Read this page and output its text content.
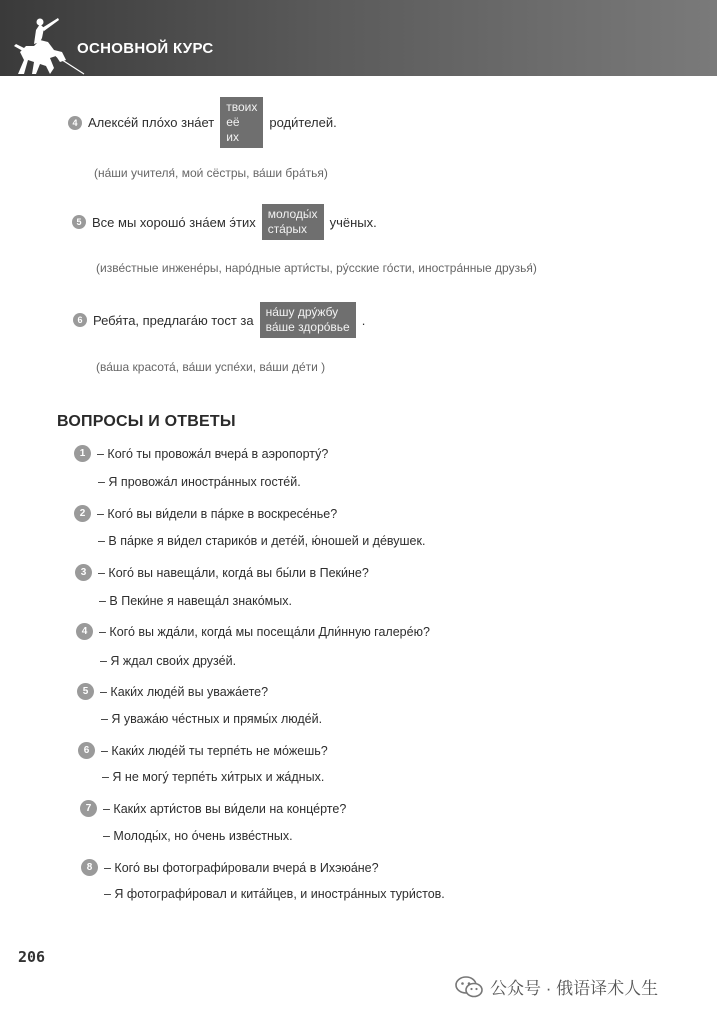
ОСНОВНОЙ КУРС
4 Алексе́й пло́хо зна́ет
твоих
её
их
роди́телей.
(на́ши учителя́, мои́ сёстры, ва́ши бра́тья)
5 Все мы хорошо́ зна́ем э́тих
молоды́х
ста́рых	учёных.
(изве́стные инжене́ры, наро́дные арти́сты, ру́сские го́сти, иностра́нные друзья́)
6 Ребя́та, предлага́ю тост за
на́шу дру́жбу
ва́ше здоро́вье .
(ва́ша красота́, ва́ши успе́хи, ва́ши де́ти )
ВОПРОСЫ И ОТВЕТЫ
1 – Кого́ ты провожа́л вчера́ в аэропорту́?
– Я провожа́л иностра́нных госте́й.
2 – Кого́ вы ви́дели в па́рке в воскресе́нье?
– В па́рке я ви́дел старико́в и дете́й, ю́ношей и де́вушек.
3 – Кого́ вы навеща́ли, когда́ вы бы́ли в Пеки́не?
– В Пеки́не я навеща́л знако́мых.
4 – Кого́ вы жда́ли, когда́ мы посеща́ли Дли́нную галере́ю?
– Я ждал свои́х друзе́й.
5 – Каки́х люде́й вы уважа́ете?
– Я уважа́ю че́стных и прямы́х люде́й.
6 – Каки́х люде́й ты терпе́ть не мо́жешь?
– Я не могу́ терпе́ть хи́трых и жа́дных.
7 – Каки́х арти́стов вы ви́дели на конце́рте?
– Молоды́х, но о́чень изве́стных.
8 – Кого́ вы фотографи́ровали вчера́ в Ихэюа́не?
– Я фотографи́ровал и кита́йцев, и иностра́нных тури́стов.
206
公众号 · 俄语译术人生
